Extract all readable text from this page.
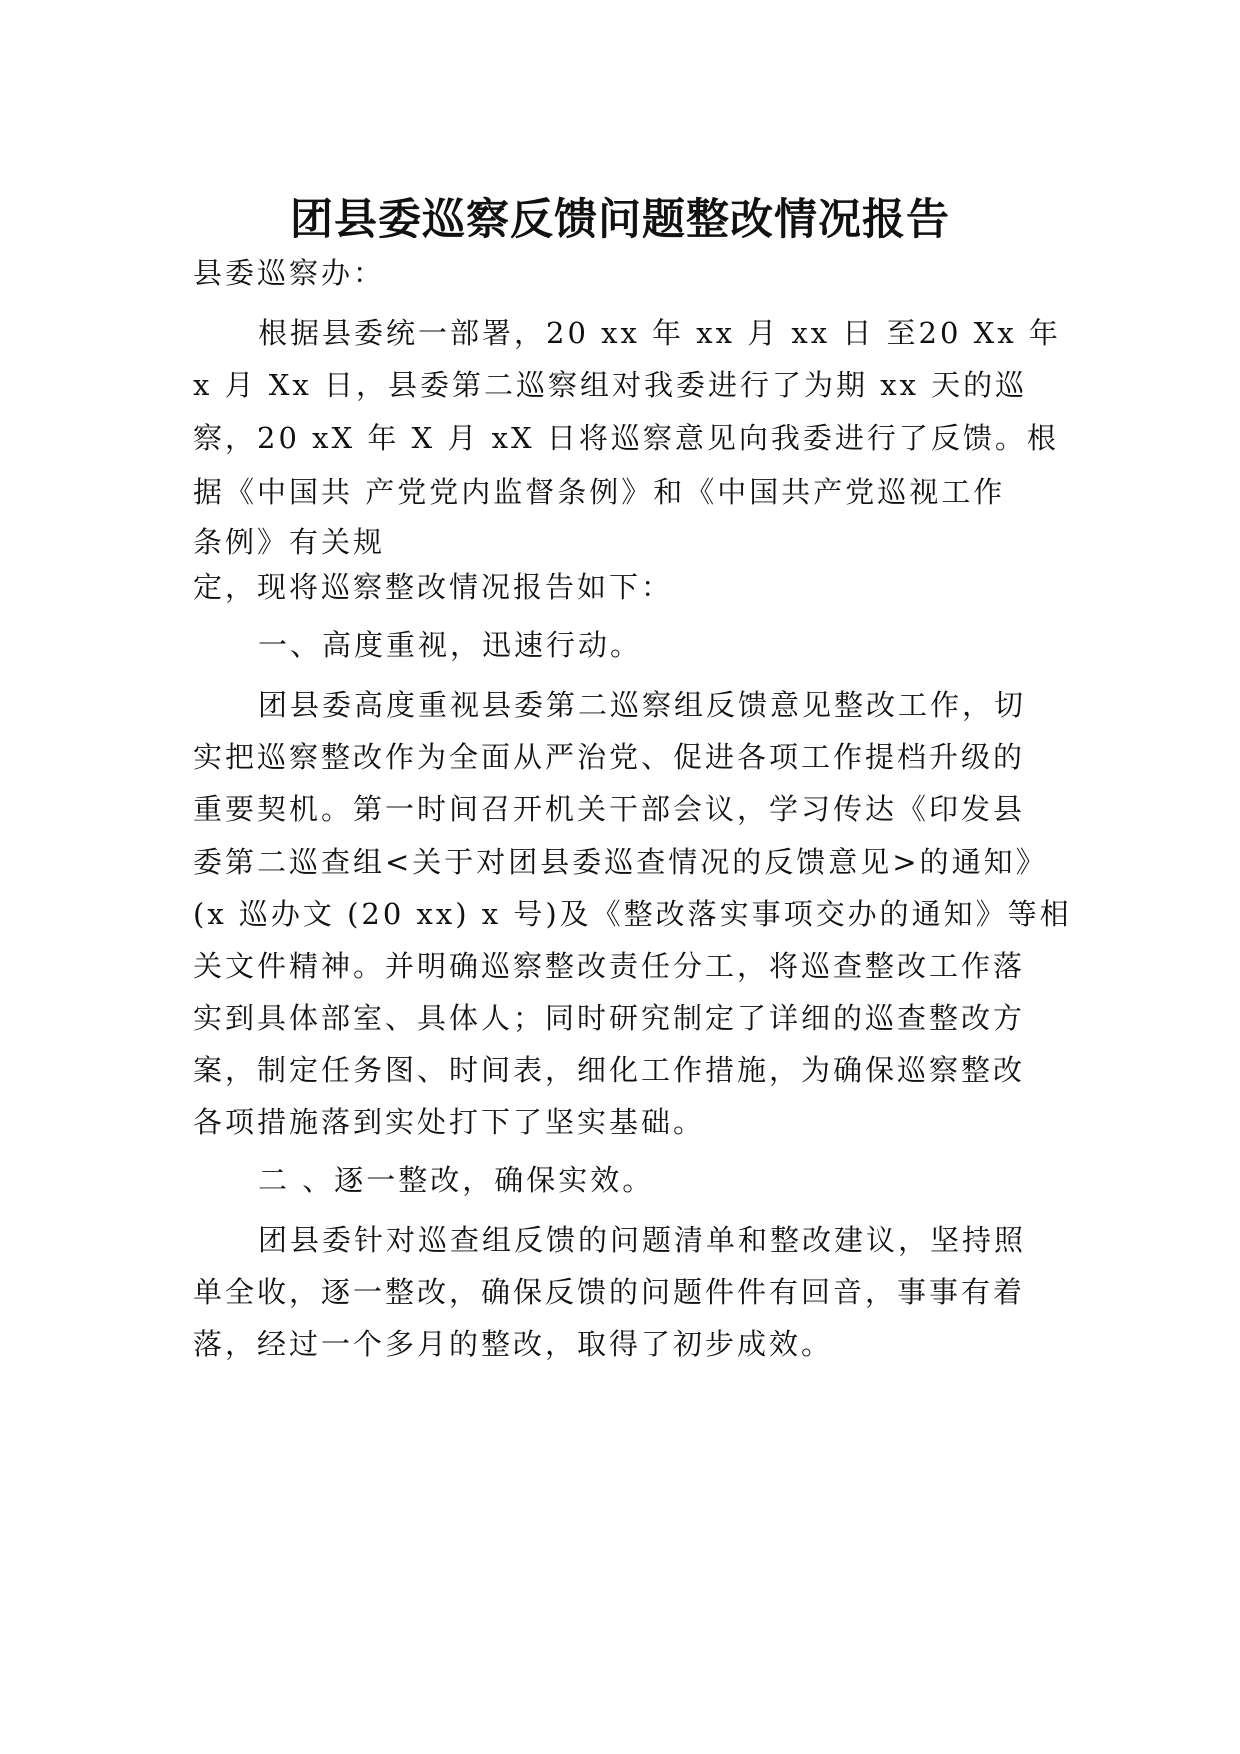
团县委巡察反馈问题整改情况报告
县委巡察办：
根据县委统一部署，20 xx 年 xx 月 xx 日 至20 Xx 年
x 月 Xx 日，县委第二巡察组对我委进行了为期 xx 天的巡
察，20 xX 年 X 月 xX 日将巡察意见向我委进行了反馈。根
据《中国共 产党党内监督条例》和《中国共产党巡视工作
条例》有关规
定，现将巡察整改情况报告如下：
一、高度重视，迅速行动。
团县委高度重视县委第二巡察组反馈意见整改工作，切
实把巡察整改作为全面从严治党、促进各项工作提档升级的
重要契机。第一时间召开机关干部会议，学习传达《印发县
委第二巡查组<关于对团县委巡查情况的反馈意见>的通知》
(x 巡办文 (20 xx) x 号)及《整改落实事项交办的通知》等相
关文件精神。并明确巡察整改责任分工，将巡查整改工作落
实到具体部室、具体人；同时研究制定了详细的巡查整改方
案，制定任务图、时间表，细化工作措施，为确保巡察整改
各项措施落到实处打下了坚实基础。
二 、逐一整改，确保实效。
团县委针对巡查组反馈的问题清单和整改建议，坚持照
单全收，逐一整改，确保反馈的问题件件有回音，事事有着
落，经过一个多月的整改，取得了初步成效。
